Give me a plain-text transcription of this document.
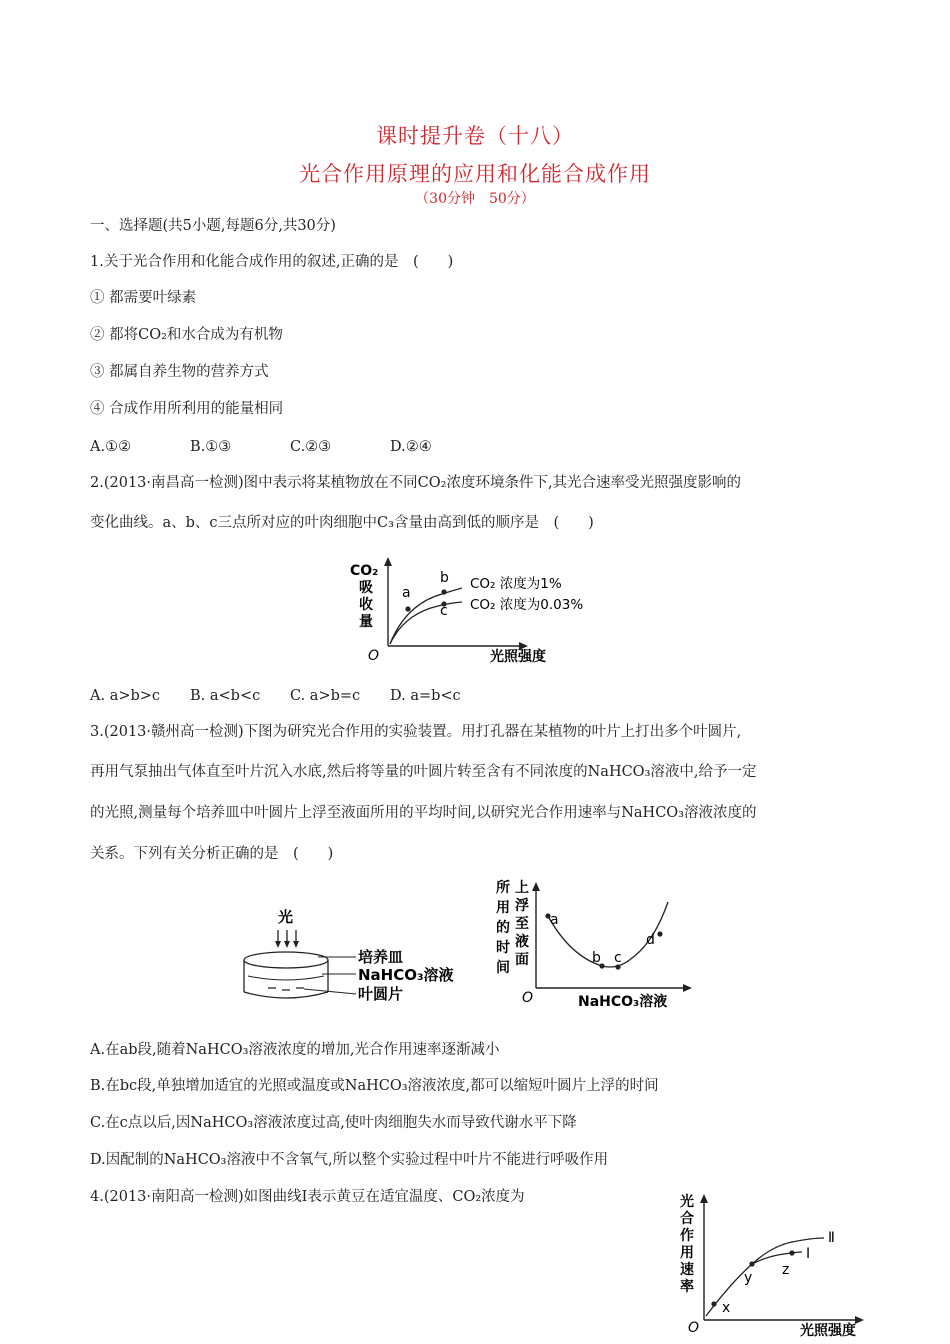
课时提升卷（十八）
光合作用原理的应用和化能合成作用
（30分钟　50分）
一、选择题(共5小题,每题6分,共30分)
1.关于光合作用和化能合成作用的叙述,正确的是　(　　)
① 都需要叶绿素
② 都将CO₂和水合成为有机物
③ 都属自养生物的营养方式
④ 合成作用所利用的能量相同
A.①②	B.①③	C.②③	D.②④
2.(2013·南昌高一检测)图中表示将某植物放在不同CO₂浓度环境条件下,其光合速率受光照强度影响的
变化曲线。a、b、c三点所对应的叶肉细胞中C₃含量由高到低的顺序是　(　　)
CO₂
吸
收
量
O	光照强度
a
b
c
CO₂ 浓度为1%
CO₂ 浓度为0.03%
A. a>b>c B. a<b<c C. a>b=c D. a=b<c
3.(2013·赣州高一检测)下图为研究光合作用的实验装置。用打孔器在某植物的叶片上打出多个叶圆片,
再用气泵抽出气体直至叶片沉入水底,然后将等量的叶圆片转至含有不同浓度的NaHCO₃溶液中,给予一定
的光照,测量每个培养皿中叶圆片上浮至液面所用的平均时间,以研究光合作用速率与NaHCO₃溶液浓度的
关系。下列有关分析正确的是　(　　)
光
培养皿
NaHCO₃溶液
叶圆片
所
用
的
时
间
上
浮
至
液
面
O	NaHCO₃溶液
a
b c
d
A.在ab段,随着NaHCO₃溶液浓度的增加,光合作用速率逐渐减小
B.在bc段,单独增加适宜的光照或温度或NaHCO₃溶液浓度,都可以缩短叶圆片上浮的时间
C.在c点以后,因NaHCO₃溶液浓度过高,使叶肉细胞失水而导致代谢水平下降
D.因配制的NaHCO₃溶液中不含氧气,所以整个实验过程中叶片不能进行呼吸作用
4.(2013·南阳高一检测)如图曲线Ⅰ表示黄豆在适宜温度、CO₂浓度为	光
合
作
用
速
率
O	光照强度
x
y z
Ⅱ
Ⅰ
